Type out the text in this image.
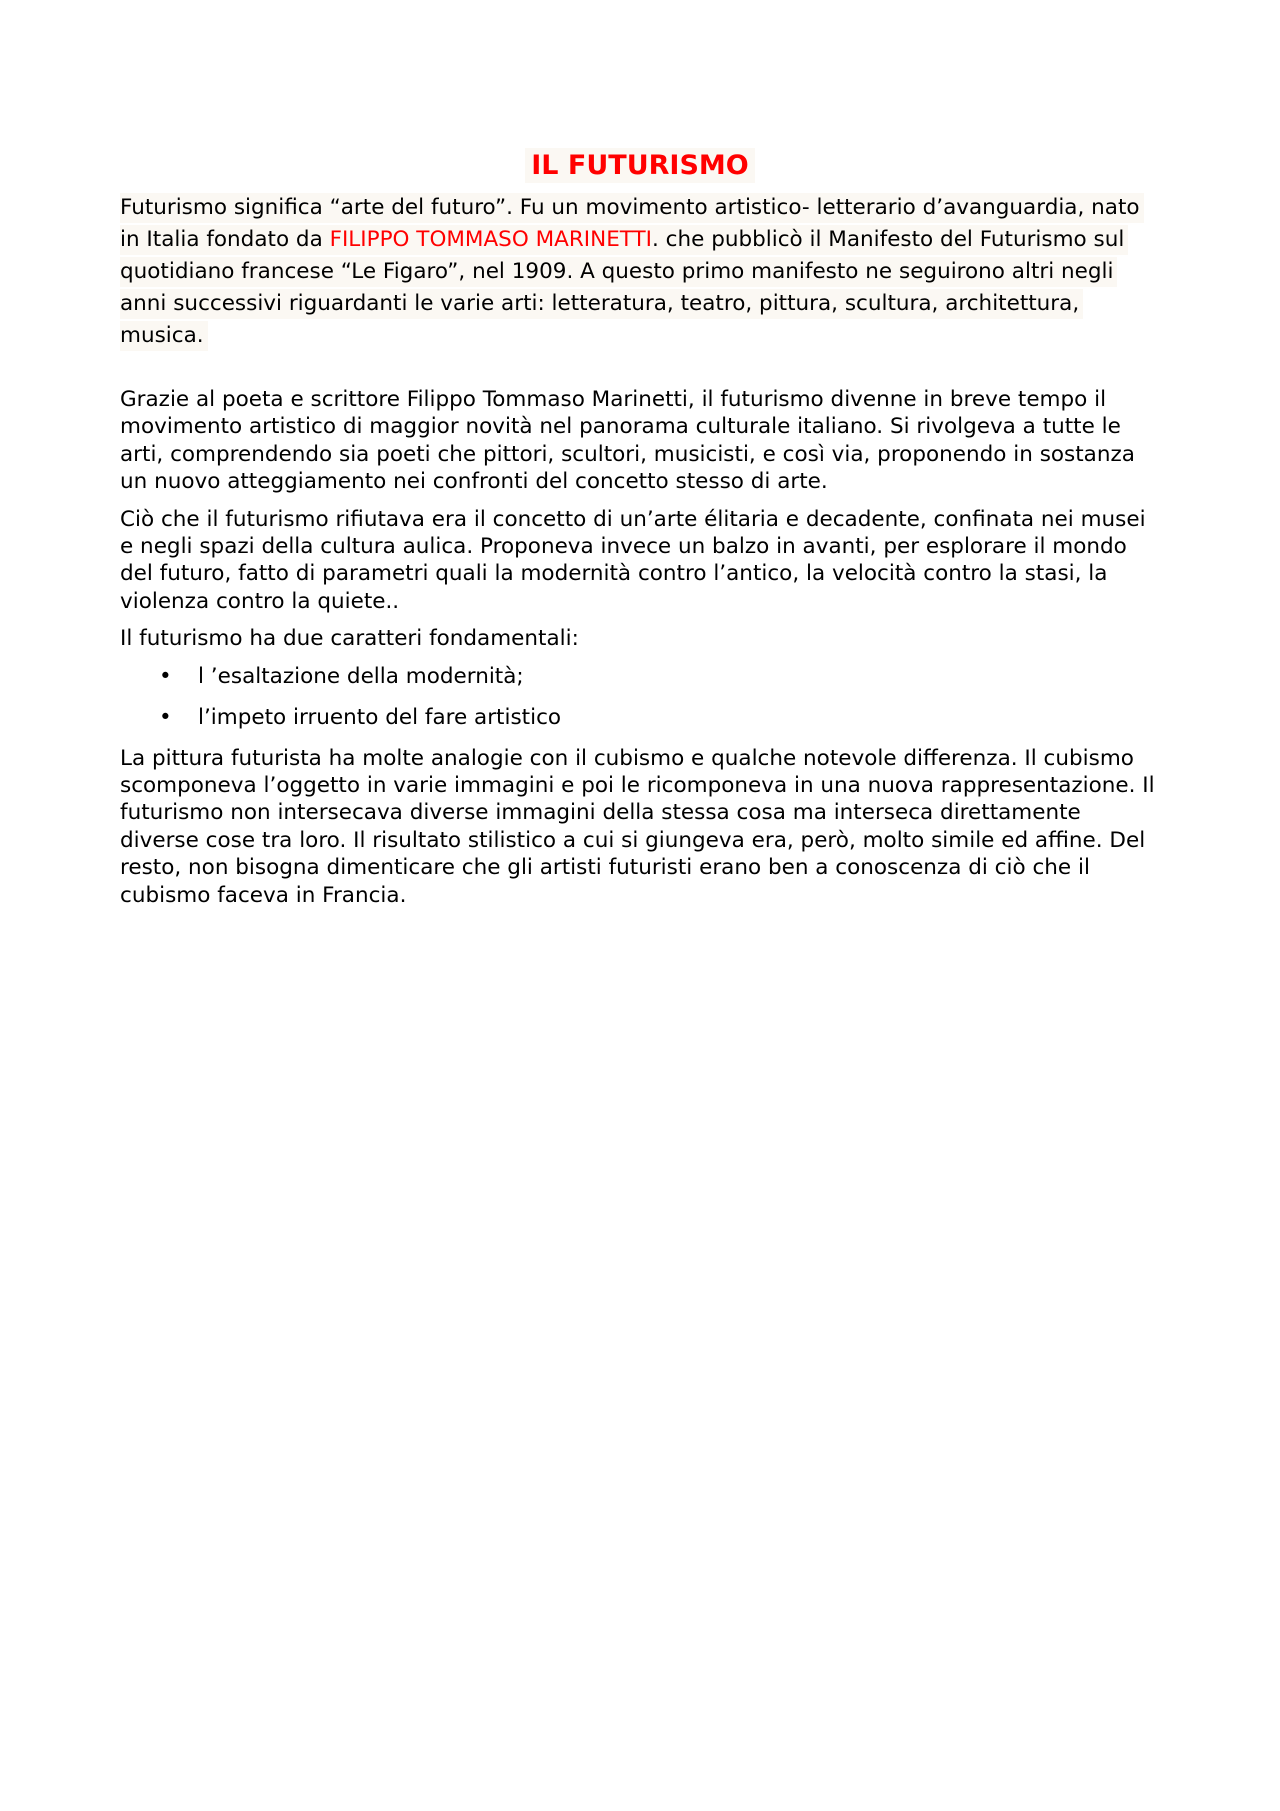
IL FUTURISMO

Futurismo significa “arte del futuro”. Fu un movimento artistico- letterario d’avanguardia, nato in Italia fondato da FILIPPO TOMMASO MARINETTI. che pubblicò il Manifesto del Futurismo sul quotidiano francese “Le Figaro”, nel 1909. A questo primo manifesto ne seguirono altri negli anni successivi riguardanti le varie arti: letteratura, teatro, pittura, scultura, architettura, musica.

Grazie al poeta e scrittore Filippo Tommaso Marinetti, il futurismo divenne in breve tempo il movimento artistico di maggior novità nel panorama culturale italiano. Si rivolgeva a tutte le arti, comprendendo sia poeti che pittori, scultori, musicisti, e così via, proponendo in sostanza un nuovo atteggiamento nei confronti del concetto stesso di arte.

Ciò che il futurismo rifiutava era il concetto di un’arte élitaria e decadente, confinata nei musei e negli spazi della cultura aulica. Proponeva invece un balzo in avanti, per esplorare il mondo del futuro, fatto di parametri quali la modernità contro l’antico, la velocità contro la stasi, la violenza contro la quiete..

Il futurismo ha due caratteri fondamentali:

• l ’esaltazione della modernità;
• l’impeto irruento del fare artistico

La pittura futurista ha molte analogie con il cubismo e qualche notevole differenza. Il cubismo scomponeva l’oggetto in varie immagini e poi le ricomponeva in una nuova rappresentazione. Il futurismo non intersecava diverse immagini della stessa cosa ma interseca direttamente diverse cose tra loro. Il risultato stilistico a cui si giungeva era, però, molto simile ed affine. Del resto, non bisogna dimenticare che gli artisti futuristi erano ben a conoscenza di ciò che il cubismo faceva in Francia.
